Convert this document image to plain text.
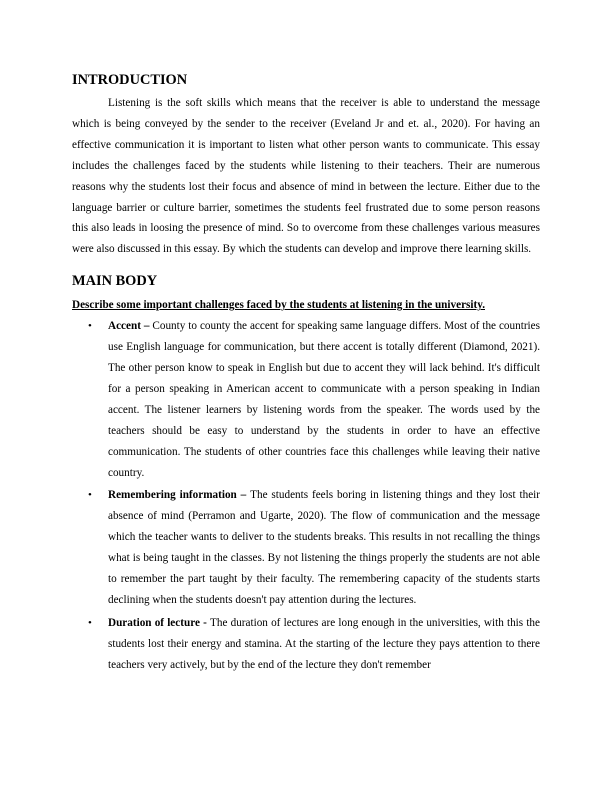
INTRODUCTION

Listening is the soft skills which means that the receiver is able to understand the message which is being conveyed by the sender to the receiver (Eveland Jr and et. al., 2020). For having an effective communication it is important to listen what other person wants to communicate. This essay includes the challenges faced by the students while listening to their teachers. Their are numerous reasons why the students lost their focus and absence of mind in between the lecture. Either due to the language barrier or culture barrier, sometimes the students feel frustrated due to some person reasons this also leads in loosing the presence of mind. So to overcome from these challenges various measures were also discussed in this essay. By which the students can develop and improve there learning skills.

MAIN BODY
Describe some important challenges faced by the students at listening in the university.
• Accent – County to county the accent for speaking same language differs. Most of the countries use English language for communication, but there accent is totally different (Diamond, 2021). The other person know to speak in English but due to accent they will lack behind. It's difficult for a person speaking in American accent to communicate with a person speaking in Indian accent. The listener learners by listening words from the speaker. The words used by the teachers should be easy to understand by the students in order to have an effective communication. The students of other countries face this challenges while leaving their native country.
• Remembering information – The students feels boring in listening things and they lost their absence of mind (Perramon and Ugarte, 2020). The flow of communication and the message which the teacher wants to deliver to the students breaks. This results in not recalling the things what is being taught in the classes. By not listening the things properly the students are not able to remember the part taught by their faculty. The remembering capacity of the students starts declining when the students doesn't pay attention during the lectures.
• Duration of lecture - The duration of lectures are long enough in the universities, with this the students lost their energy and stamina. At the starting of the lecture they pays attention to there teachers very actively, but by the end of the lecture they don't remember
